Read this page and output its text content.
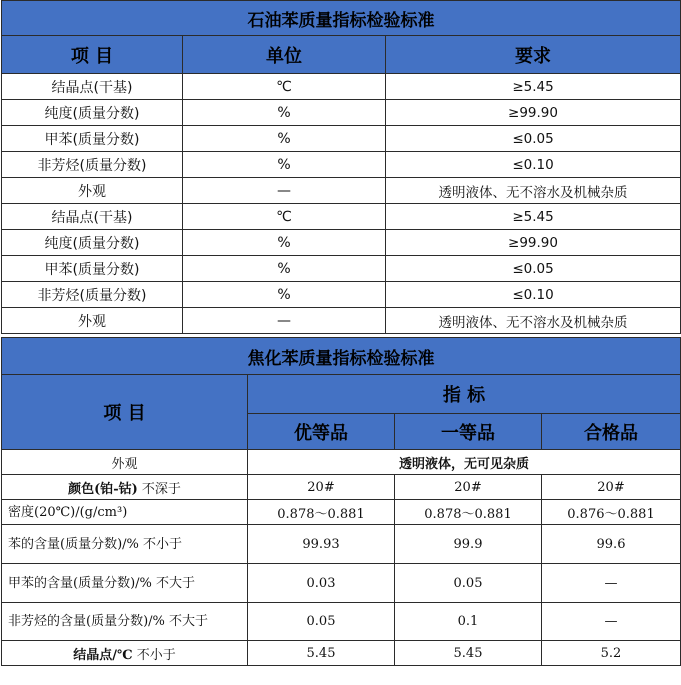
石油苯质量指标检验标准		
项 目	单位	要求
结晶点(干基)	℃	≥5.45
纯度(质量分数)	%	≥99.90
甲苯(质量分数)	%	≤0.05
非芳烃(质量分数)	%	≤0.10
外观	—	透明液体、无不溶水及机械杂质
结晶点(干基)	℃	≥5.45
纯度(质量分数)	%	≥99.90
甲苯(质量分数)	%	≤0.05
非芳烃(质量分数)	%	≤0.10
外观	—	透明液体、无不溶水及机械杂质
焦化苯质量指标检验标准			
项 目	指 标		
	优等品	一等品	合格品
外观	透明液体，无可见杂质		
颜色(铂-钴) 不深于	20#	20#	20#
密度(20℃)/(g/cm³)	0.878～0.881	0.878～0.881	0.876～0.881
苯的含量(质量分数)/% 不小于	99.93	99.9	99.6
甲苯的含量(质量分数)/% 不大于	0.03	0.05	—
非芳烃的含量(质量分数)/% 不大于	0.05	0.1	—
结晶点/℃ 不小于	5.45	5.45	5.2
